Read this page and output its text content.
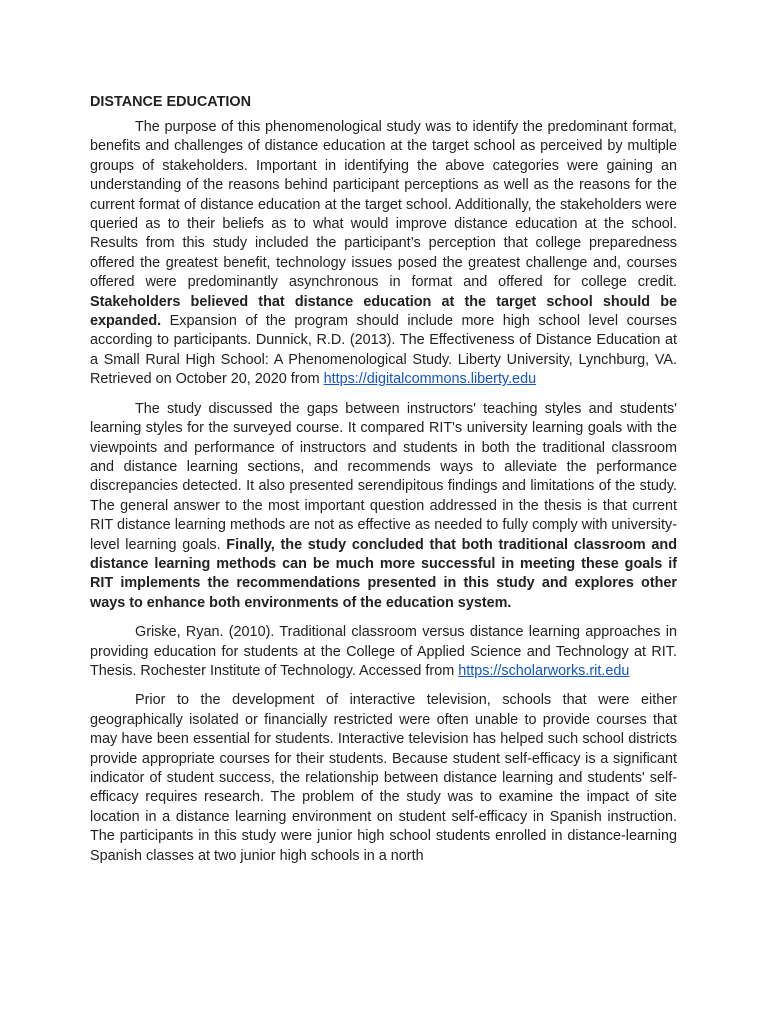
DISTANCE EDUCATION

The purpose of this phenomenological study was to identify the predominant format, benefits and challenges of distance education at the target school as perceived by multiple groups of stakeholders. Important in identifying the above categories were gaining an understanding of the reasons behind participant perceptions as well as the reasons for the current format of distance education at the target school. Additionally, the stakeholders were queried as to their beliefs as to what would improve distance education at the school. Results from this study included the participant’s perception that college preparedness offered the greatest benefit, technology issues posed the greatest challenge and, courses offered were predominantly asynchronous in format and offered for college credit. Stakeholders believed that distance education at the target school should be expanded. Expansion of the program should include more high school level courses according to participants. Dunnick, R.D. (2013). The Effectiveness of Distance Education at a Small Rural High School: A Phenomenological Study. Liberty University, Lynchburg, VA. Retrieved on October 20, 2020 from https://digitalcommons.liberty.edu

The study discussed the gaps between instructors' teaching styles and students' learning styles for the surveyed course. It compared RIT's university learning goals with the viewpoints and performance of instructors and students in both the traditional classroom and distance learning sections, and recommends ways to alleviate the performance discrepancies detected. It also presented serendipitous findings and limitations of the study. The general answer to the most important question addressed in the thesis is that current RIT distance learning methods are not as effective as needed to fully comply with university-level learning goals. Finally, the study concluded that both traditional classroom and distance learning methods can be much more successful in meeting these goals if RIT implements the recommendations presented in this study and explores other ways to enhance both environments of the education system.

Griske, Ryan. (2010). Traditional classroom versus distance learning approaches in providing education for students at the College of Applied Science and Technology at RIT. Thesis. Rochester Institute of Technology. Accessed from https://scholarworks.rit.edu

Prior to the development of interactive television, schools that were either geographically isolated or financially restricted were often unable to provide courses that may have been essential for students. Interactive television has helped such school districts provide appropriate courses for their students. Because student self-efficacy is a significant indicator of student success, the relationship between distance learning and students' self-efficacy requires research. The problem of the study was to examine the impact of site location in a distance learning environment on student self-efficacy in Spanish instruction. The participants in this study were junior high school students enrolled in distance-learning Spanish classes at two junior high schools in a north
